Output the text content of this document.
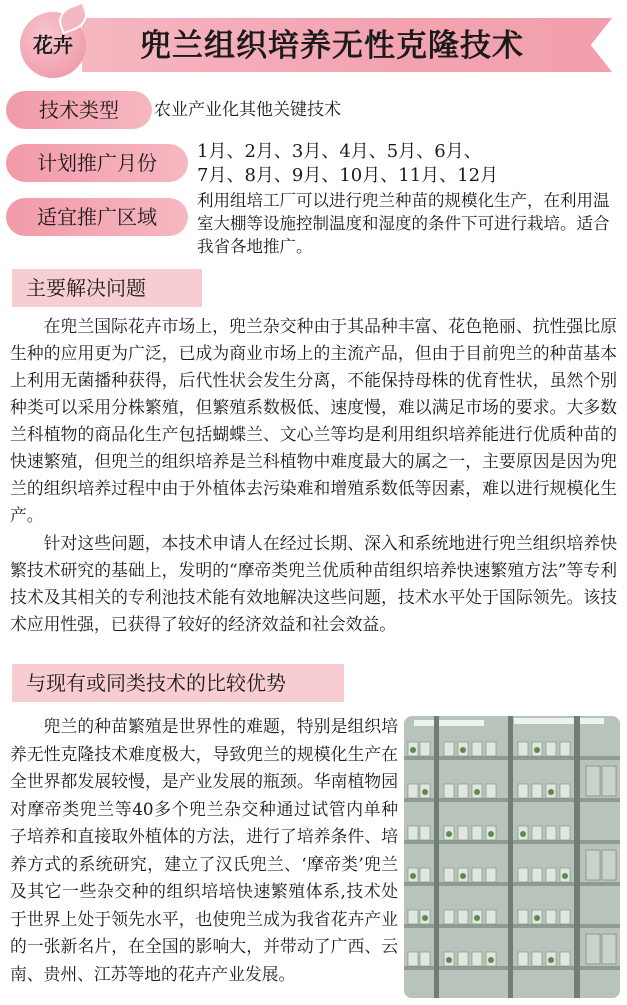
兜兰组织培养无性克隆技术
花卉
技术类型	农业产业化其他关键技术
计划推广月份	1月、2月、3月、4月、5月、6月、
7月、8月、9月、10月、11月、12月
适宜推广区域
利用组培工厂可以进行兜兰种苗的规模化生产，在利用温室大棚等设施控制温度和湿度的条件下可进行栽培。适合我省各地推广。
主要解决问题

在兜兰国际花卉市场上，兜兰杂交种由于其品种丰富、花色艳丽、抗性强比原生种的应用更为广泛，已成为商业市场上的主流产品，但由于目前兜兰的种苗基本上利用无菌播种获得，后代性状会发生分离，不能保持母株的优育性状，虽然个别种类可以采用分株繁殖，但繁殖系数极低、速度慢，难以满足市场的要求。大多数兰科植物的商品化生产包括蝴蝶兰、文心兰等均是利用组织培养能进行优质种苗的快速繁殖，但兜兰的组织培养是兰科植物中难度最大的属之一，主要原因是因为兜兰的组织培养过程中由于外植体去污染难和增殖系数低等因素，难以进行规模化生产。

针对这些问题，本技术申请人在经过长期、深入和系统地进行兜兰组织培养快繁技术研究的基础上，发明的“摩帝类兜兰优质种苗组织培养快速繁殖方法”等专利技术及其相关的专利池技术能有效地解决这些问题，技术水平处于国际领先。该技术应用性强，已获得了较好的经济效益和社会效益。

与现有或同类技术的比较优势

兜兰的种苗繁殖是世界性的难题，特别是组织培养无性克隆技术难度极大，导致兜兰的规模化生产在全世界都发展较慢，是产业发展的瓶颈。华南植物园对摩帝类兜兰等40多个兜兰杂交种通过试管内单种子培养和直接取外植体的方法，进行了培养条件、培养方式的系统研究，建立了汉氏兜兰、‘摩帝类’兜兰及其它一些杂交种的组织培培快速繁殖体系,技术处于世界上处于领先水平，也使兜兰成为我省花卉产业的一张新名片，在全国的影响大，并带动了广西、云南、贵州、江苏等地的花卉产业发展。
